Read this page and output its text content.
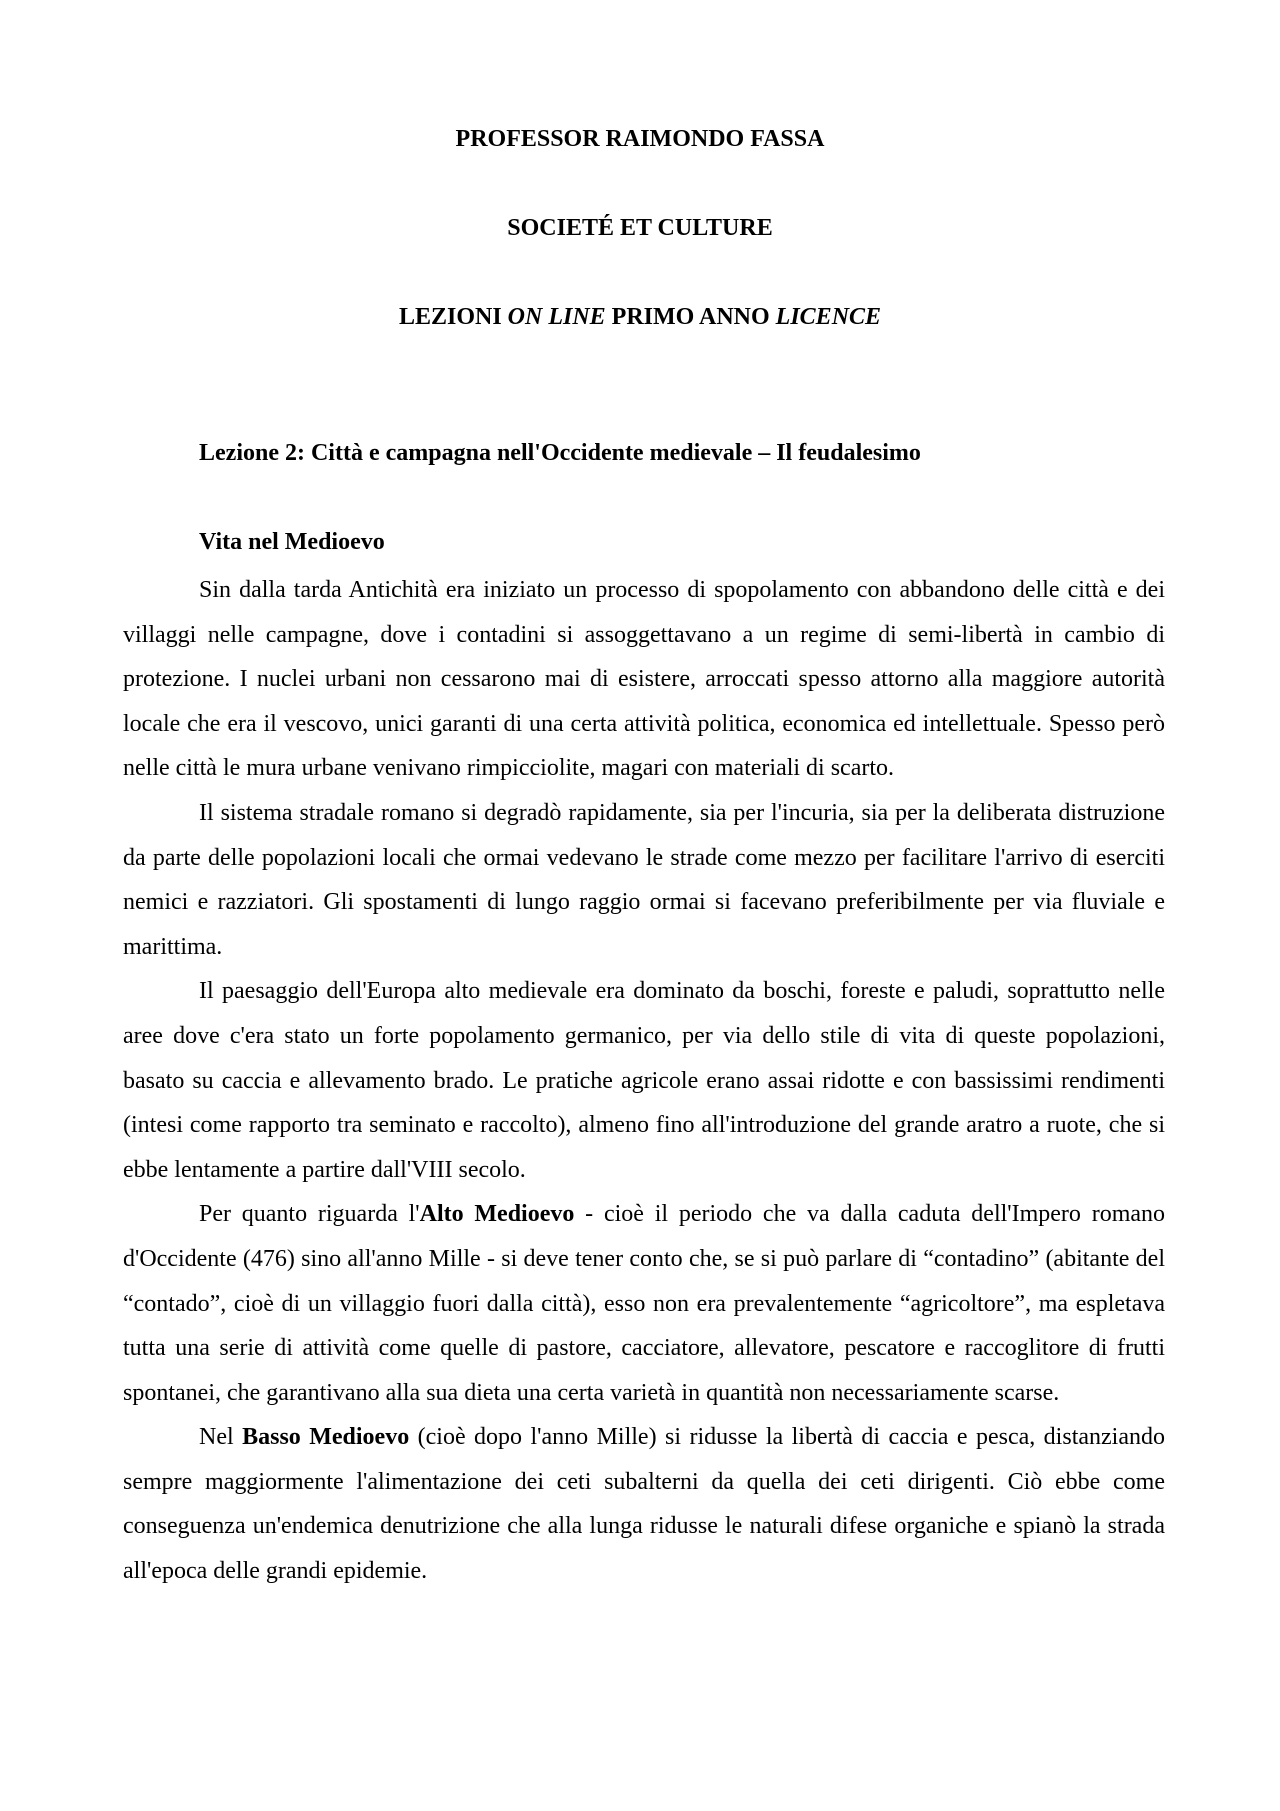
PROFESSOR RAIMONDO FASSA
SOCIETÉ ET CULTURE
LEZIONI ON LINE PRIMO ANNO LICENCE
Lezione 2: Città e campagna nell'Occidente medievale – Il feudalesimo
Vita nel Medioevo

Sin dalla tarda Antichità era iniziato un processo di spopolamento con abbandono delle città e dei villaggi nelle campagne, dove i contadini si assoggettavano a un regime di semi-libertà in cambio di protezione. I nuclei urbani non cessarono mai di esistere, arroccati spesso attorno alla maggiore autorità locale che era il vescovo, unici garanti di una certa attività politica, economica ed intellettuale. Spesso però nelle città le mura urbane venivano rimpicciolite, magari con materiali di scarto.

Il sistema stradale romano si degradò rapidamente, sia per l'incuria, sia per la deliberata distruzione da parte delle popolazioni locali che ormai vedevano le strade come mezzo per facilitare l'arrivo di eserciti nemici e razziatori. Gli spostamenti di lungo raggio ormai si facevano preferibilmente per via fluviale e marittima.

Il paesaggio dell'Europa alto medievale era dominato da boschi, foreste e paludi, soprattutto nelle aree dove c'era stato un forte popolamento germanico, per via dello stile di vita di queste popolazioni, basato su caccia e allevamento brado. Le pratiche agricole erano assai ridotte e con bassissimi rendimenti (intesi come rapporto tra seminato e raccolto), almeno fino all'introduzione del grande aratro a ruote, che si ebbe lentamente a partire dall'VIII secolo.

Per quanto riguarda l'Alto Medioevo - cioè il periodo che va dalla caduta dell'Impero romano d'Occidente (476) sino all'anno Mille - si deve tener conto che, se si può parlare di “contadino” (abitante del “contado”, cioè di un villaggio fuori dalla città), esso non era prevalentemente “agricoltore”, ma espletava tutta una serie di attività come quelle di pastore, cacciatore, allevatore, pescatore e raccoglitore di frutti spontanei, che garantivano alla sua dieta una certa varietà in quantità non necessariamente scarse.

Nel Basso Medioevo (cioè dopo l'anno Mille) si ridusse la libertà di caccia e pesca, distanziando sempre maggiormente l'alimentazione dei ceti subalterni da quella dei ceti dirigenti. Ciò ebbe come conseguenza un'endemica denutrizione che alla lunga ridusse le naturali difese organiche e spianò la strada all'epoca delle grandi epidemie.
